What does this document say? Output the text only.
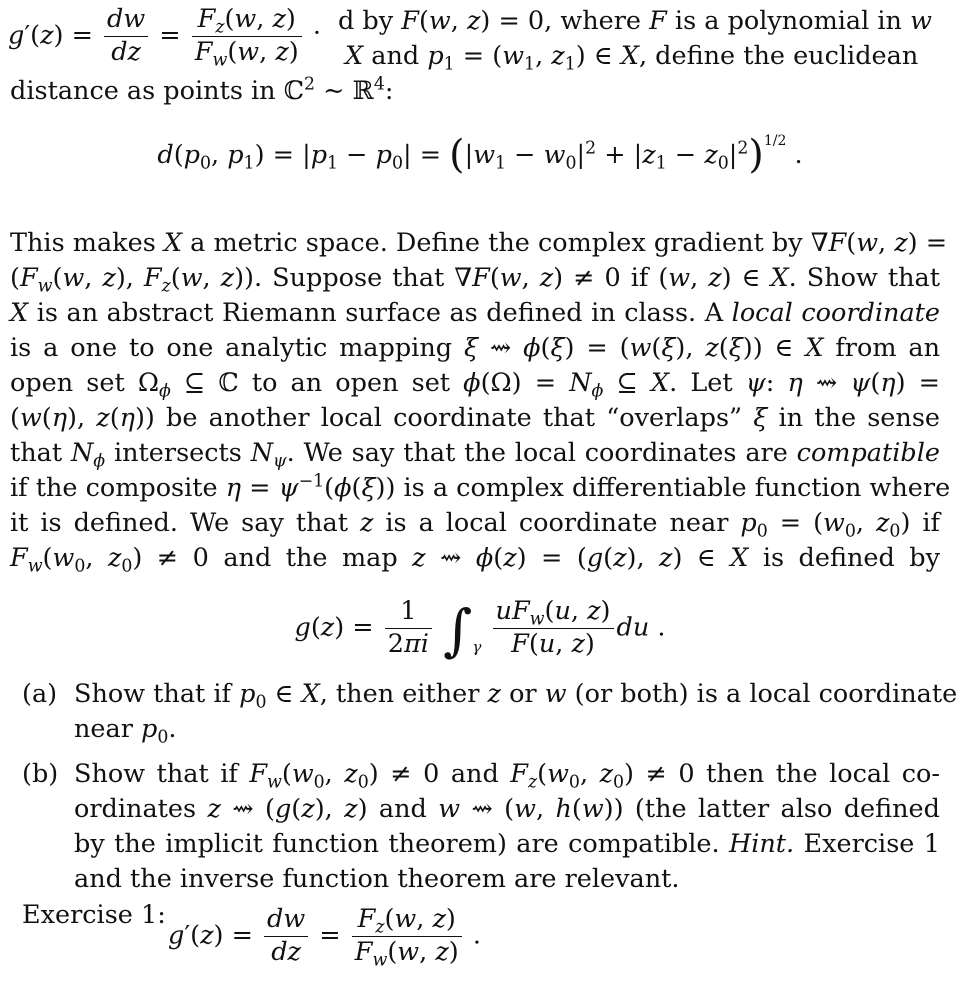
$g'(z) = \frac{dw}{dz} = \frac{F_z(w, z)}{F_w(w, z)} \cdot d$ by F(w, z) = 0, where F is a polynomial in w
X and $p_1 = (w_1$, $z_1$) ∈ X, define the euclidean
distance as points in ℂ$^2$ ∼ ℝ$^4$:
$d(p_0$, $p_1) = |p_1 - p_0| = (|w_1 - w_0|^2 + |z_1 - z_0|^2)^{1/2}$ .
This makes X a metric space. Define the complex gradient by ∇F(w, z) =
($F_w(w$, z), $F_z(w$, z)). Suppose that ∇F(w, z) ≠ 0 if (w, z) ∈ X. Show that
X is an abstract Riemann surface as defined in class. A local coordinate
is a one to one analytic mapping ξ ⇝ ϕ(ξ) = (w(ξ), z(ξ)) ∈ X from an
open set $\Omega_\phi$ ⊆ ℂ to an open set $\phi(\Omega) = N_\phi$ ⊆ X. Let ψ: η ⇝ ψ(η) =
(w(η), z(η)) be another local coordinate that “overlaps” ξ in the sense
that $N_\phi$ intersects $N_\psi$. We say that the local coordinates are compatible
if the composite $\eta = \psi^{-1}(\phi(\xi))$ is a complex differentiable function where
it is defined. We say that z is a local coordinate near $p_0 = (w_0$, $z_0$) if
$F_w(w_0$, $z_0) \ne 0$ and the map z ⇝ ϕ(z) = (g(z), z) ∈ X is defined by
$g(z) = \frac{1}{2\pi i} \int_\gamma \frac{uF_w(u, z)}{F(u, z)}$ du .
(a) Show that if $p_0$ ∈ X, then either z or w (or both) is a local coordinate
near $p_0$.
(b) Show that if $F_w(w_0$, $z_0) \ne 0$ and $F_z(w_0$, $z_0) \ne 0$ then the local co-
ordinates z ⇝ (g(z), z) and w ⇝ (w, h(w)) (the latter also defined
by the implicit function theorem) are compatible. Hint. Exercise 1
and the inverse function theorem are relevant.
Exercise 1:
$g'(z) = \frac{dw}{dz} = \frac{F_z(w, z)}{F_w(w, z)}$ .
